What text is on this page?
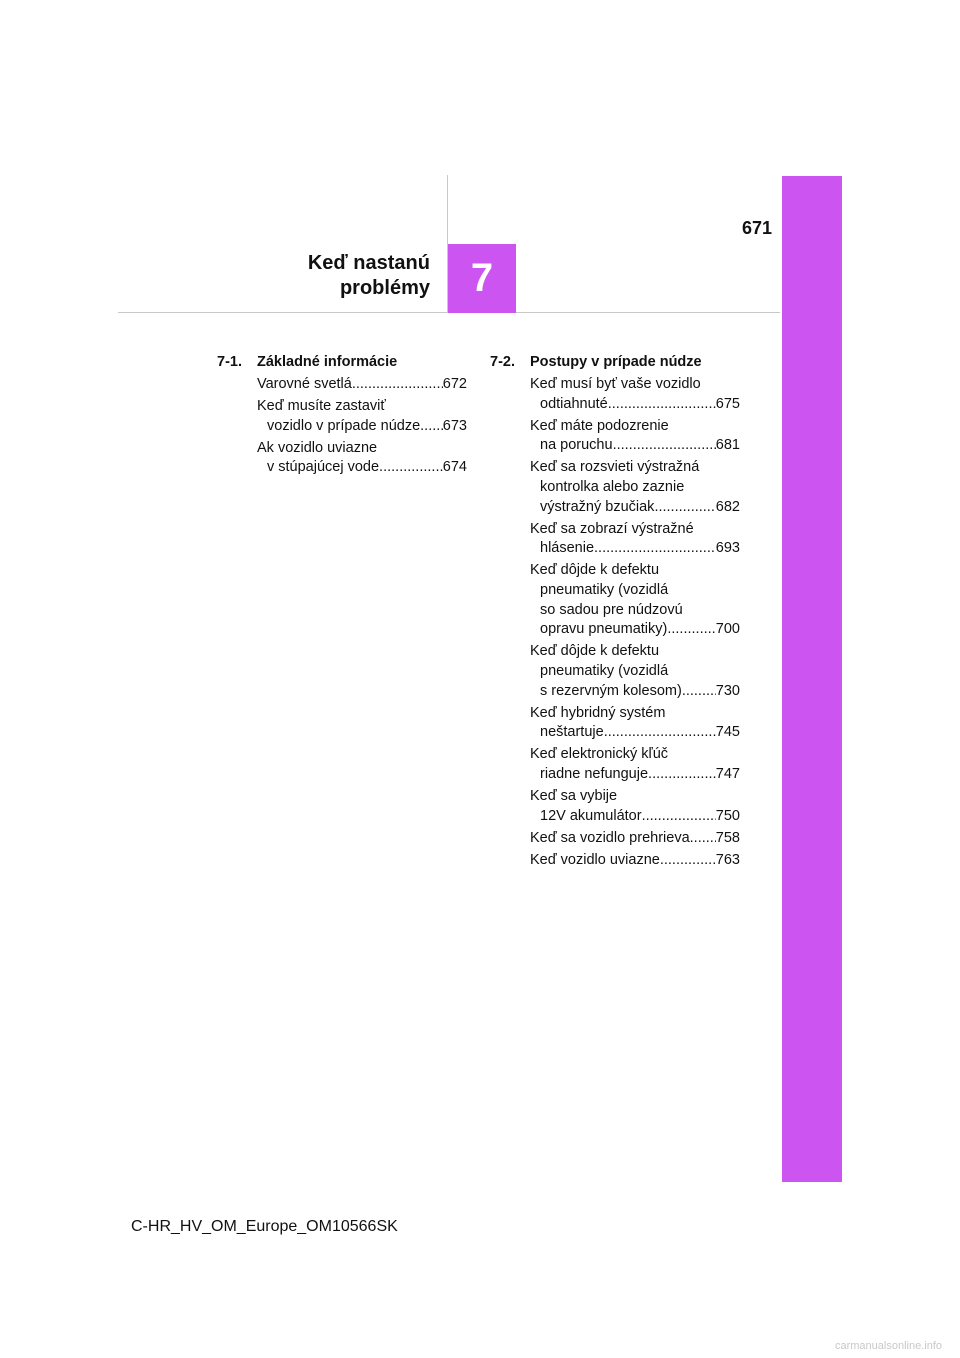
671
Keď nastanú
problémy	7
7-1.	Základné informácie
Varovné svetlá .....	672
Keď musíte zastaviť
vozidlo v prípade núdze ..... 673
Ak vozidlo uviazne
v stúpajúcej vode .....	674
7-2.	Postupy v prípade núdze
Keď musí byť vaše vozidlo
odtiahnuté .....	675
Keď máte podozrenie
na poruchu .....	681
Keď sa rozsvieti výstražná
kontrolka alebo zaznie
výstražný bzučiak .....	682
Keď sa zobrazí výstražné
hlásenie .....	693
Keď dôjde k defektu
pneumatiky (vozidlá
so sadou pre núdzovú
opravu pneumatiky) .....	700
Keď dôjde k defektu
pneumatiky (vozidlá
s rezervným kolesom) ..... 730
Keď hybridný systém
neštartuje .....	745
Keď elektronický kľúč
riadne nefunguje .....	747
Keď sa vybije
12V akumulátor .....	750
Keď sa vozidlo prehrieva ..... 758
Keď vozidlo uviazne .....	763
C-HR_HV_OM_Europe_OM10566SK
carmanualsonline.info
